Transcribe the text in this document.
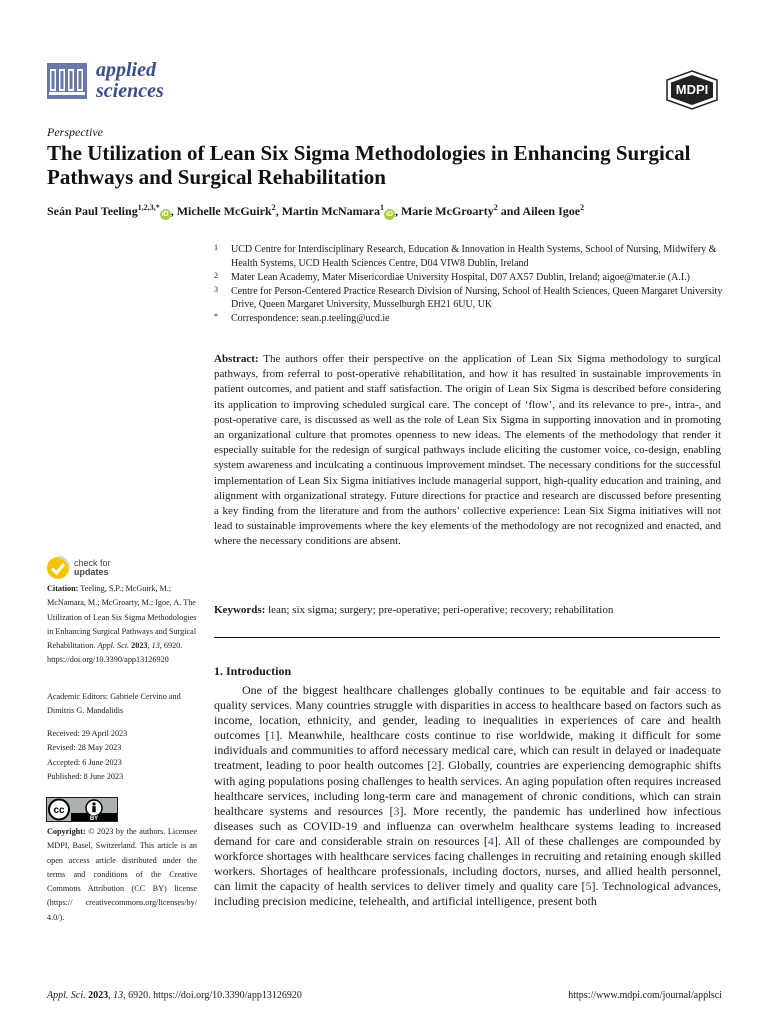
applied
sciences	MDPI
Perspective
The Utilization of Lean Six Sigma Methodologies in Enhancing Surgical Pathways and Surgical Rehabilitation
Seán Paul Teeling$^{1,2,3,*}$iD , Michelle McGuirk$^2$, Martin McNamara$^1$iD , Marie McGroarty$^2$ and Aileen Igoe$^2$
1 UCD Centre for Interdisciplinary Research, Education & Innovation in Health Systems, School of Nursing, Midwifery & Health Systems, UCD Health Sciences Centre, D04 VIW8 Dublin, Ireland
2 Mater Lean Academy, Mater Misericordiae University Hospital, D07 AX57 Dublin, Ireland; aigoe@mater.ie (A.I.)
3 Centre for Person-Centered Practice Research Division of Nursing, School of Health Sciences, Queen Margaret University Drive, Queen Margaret University, Musselburgh EH21 6UU, UK
* Correspondence: sean.p.teeling@ucd.ie
Abstract: The authors offer their perspective on the application of Lean Six Sigma methodology to surgical pathways, from referral to post-operative rehabilitation, and how it has resulted in sustainable improvements in patient outcomes, and patient and staff satisfaction. The origin of Lean Six Sigma is described before considering its application to improving scheduled surgical care. The concept of ‘flow’, and its relevance to pre-, intra-, and post-operative care, is discussed as well as the role of Lean Six Sigma in supporting innovation and in promoting an organizational culture that promotes openness to new ideas. The elements of the methodology that render it especially suitable for the redesign of surgical pathways include eliciting the customer voice, co-design, enabling system awareness and inculcating a continuous improvement mindset. The necessary conditions for the successful implementation of Lean Six Sigma initiatives include managerial support, high-quality education and training, and alignment with organizational strategy. Future directions for practice and research are discussed before presenting a key finding from the literature and from the authors’ collective experience: Lean Six Sigma initiatives will not lead to sustainable improvements where the key elements of the methodology are not recognized and enacted, and where the necessary conditions are absent.
Keywords: lean; six sigma; surgery; pre-operative; peri-operative; recovery; rehabilitation
1. Introduction
One of the biggest healthcare challenges globally continues to be equitable and fair access to quality services. Many countries struggle with disparities in access to healthcare based on factors such as income, location, ethnicity, and gender, leading to inequalities in experiences of care and health outcomes [1]. Meanwhile, healthcare costs continue to rise worldwide, making it difficult for some individuals and communities to afford necessary medical care, which can result in delayed or inadequate treatment, leading to poor health outcomes [2]. Globally, countries are experiencing demographic shifts with aging populations posing challenges to health services. An aging population often requires increased healthcare services, including long-term care and management of chronic conditions, which can strain healthcare systems and resources [3]. More recently, the pandemic has underlined how infectious diseases such as COVID-19 and influenza can overwhelm healthcare systems leading to increased demand for care and considerable strain on resources [4]. All of these challenges are compounded by workforce shortages with healthcare services facing challenges in recruiting and retaining enough skilled workers. Shortages of healthcare professionals, including doctors, nurses, and allied health personnel, can limit the capacity of health services to deliver timely and quality care [5]. Technological advances, including precision medicine, telehealth, and artificial intelligence, present both
check for
updates
Citation: Teeling, S.P.; McGuirk, M.; McNamara, M.; McGroarty, M.; Igoe, A. The Utilization of Lean Six Sigma Methodologies in Enhancing Surgical Pathways and Surgical Rehabilitation. Appl. Sci. 2023, 13, 6920. https://doi.org/10.3390/app13126920
Academic Editors: Gabriele Cervino and Dimitris G. Mandalidis
Received: 29 April 2023
Revised: 28 May 2023
Accepted: 6 June 2023
Published: 8 June 2023
cc
BY
Copyright: © 2023 by the authors. Licensee MDPI, Basel, Switzerland. This article is an open access article distributed under the terms and conditions of the Creative Commons Attribution (CC BY) license (https:// creativecommons.org/licenses/by/ 4.0/).
Appl. Sci. 2023, 13, 6920. https://doi.org/10.3390/app13126920	https://www.mdpi.com/journal/applsci
